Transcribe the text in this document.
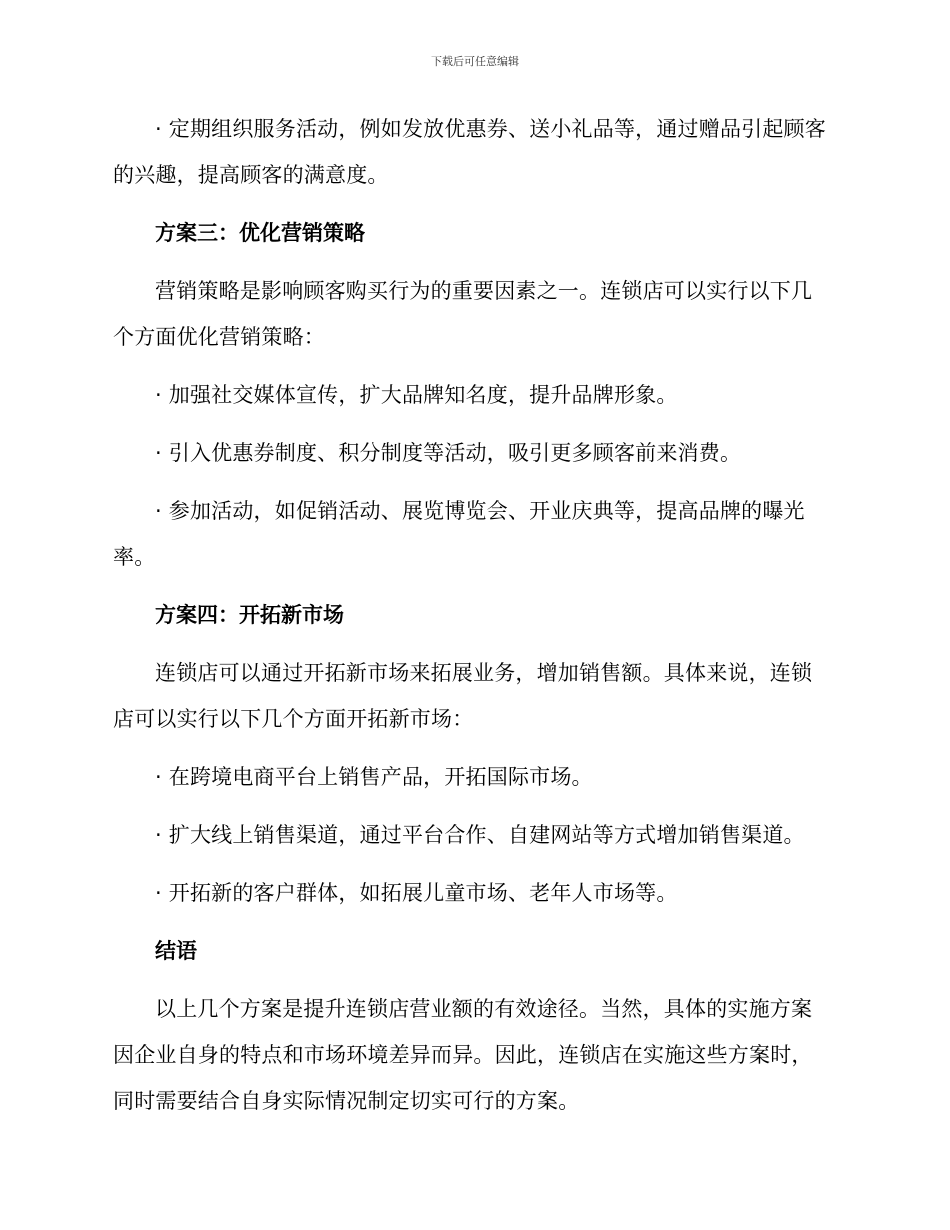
下载后可任意编辑

· 定期组织服务活动，例如发放优惠券、送小礼品等，通过赠品引起顾客的兴趣，提高顾客的满意度。

方案三：优化营销策略

营销策略是影响顾客购买行为的重要因素之一。连锁店可以实行以下几个方面优化营销策略：

· 加强社交媒体宣传，扩大品牌知名度，提升品牌形象。

· 引入优惠券制度、积分制度等活动，吸引更多顾客前来消费。

· 参加活动，如促销活动、展览博览会、开业庆典等，提高品牌的曝光率。

方案四：开拓新市场

连锁店可以通过开拓新市场来拓展业务，增加销售额。具体来说，连锁店可以实行以下几个方面开拓新市场：

· 在跨境电商平台上销售产品，开拓国际市场。

· 扩大线上销售渠道，通过平台合作、自建网站等方式增加销售渠道。

· 开拓新的客户群体，如拓展儿童市场、老年人市场等。

结语

以上几个方案是提升连锁店营业额的有效途径。当然，具体的实施方案因企业自身的特点和市场环境差异而异。因此，连锁店在实施这些方案时，同时需要结合自身实际情况制定切实可行的方案。
